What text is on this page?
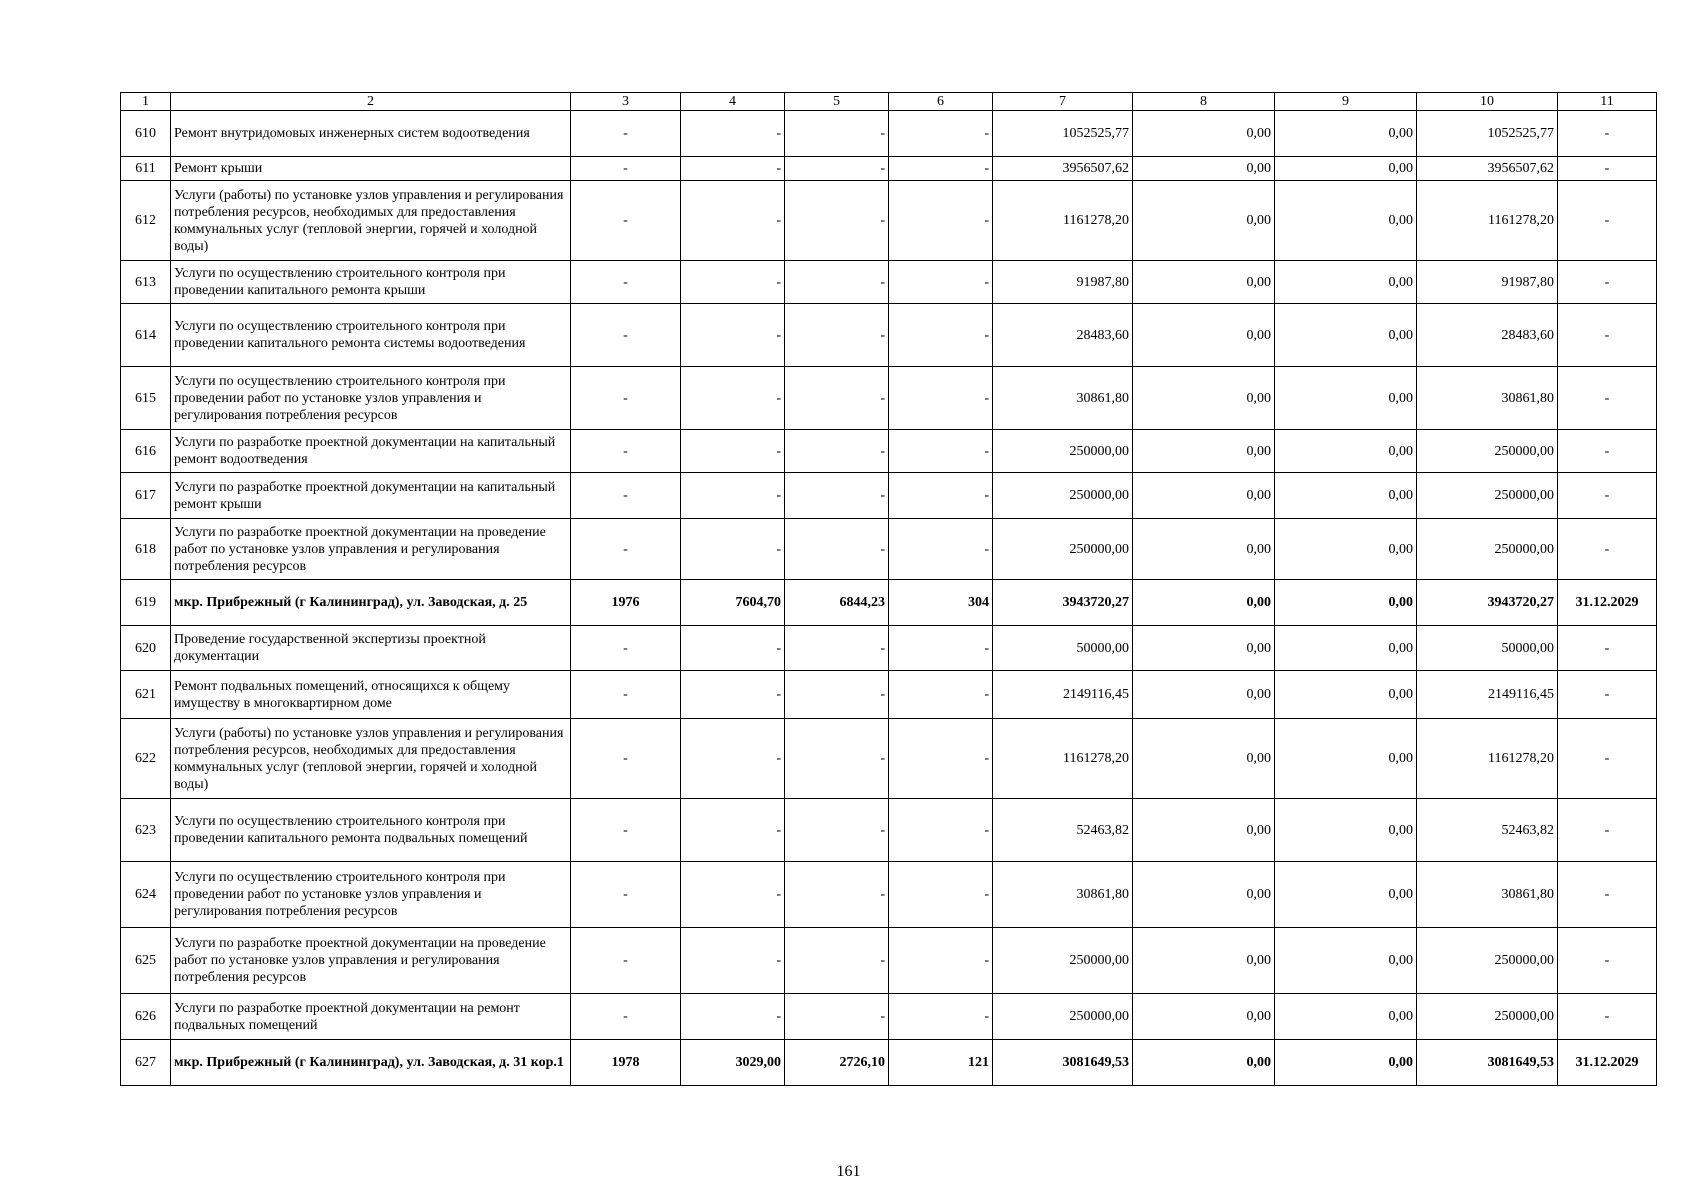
1	2	3	4	5	6	7	8	9	10	11
610	Ремонт внутридомовых инженерных систем водоотведения	-	-	-	-	1052525,77	0,00	0,00	1052525,77	-
611	Ремонт крыши	-	-	-	-	3956507,62	0,00	0,00	3956507,62	-
612	Услуги (работы) по установке узлов управления и регулирования потребления ресурсов, необходимых для предоставления коммунальных услуг (тепловой энергии, горячей и холодной воды)	-	-	-	-	1161278,20	0,00	0,00	1161278,20	-
613	Услуги по осуществлению строительного контроля при проведении капитального ремонта крыши	-	-	-	-	91987,80	0,00	0,00	91987,80	-
614	Услуги по осуществлению строительного контроля при проведении капитального ремонта системы водоотведения	-	-	-	-	28483,60	0,00	0,00	28483,60	-
615	Услуги по осуществлению строительного контроля при проведении работ по установке узлов управления и регулирования потребления ресурсов	-	-	-	-	30861,80	0,00	0,00	30861,80	-
616	Услуги по разработке проектной документации на капитальный ремонт водоотведения	-	-	-	-	250000,00	0,00	0,00	250000,00	-
617	Услуги по разработке проектной документации на капитальный ремонт крыши	-	-	-	-	250000,00	0,00	0,00	250000,00	-
618	Услуги по разработке проектной документации на проведение работ по установке узлов управления и регулирования потребления ресурсов	-	-	-	-	250000,00	0,00	0,00	250000,00	-
619	мкр. Прибрежный (г Калининград), ул. Заводская, д. 25	1976	7604,70	6844,23	304	3943720,27	0,00	0,00	3943720,27	31.12.2029
620	Проведение государственной экспертизы проектной документации	-	-	-	-	50000,00	0,00	0,00	50000,00	-
621	Ремонт подвальных помещений, относящихся к общему имуществу в многоквартирном доме	-	-	-	-	2149116,45	0,00	0,00	2149116,45	-
622	Услуги (работы) по установке узлов управления и регулирования потребления ресурсов, необходимых для предоставления коммунальных услуг (тепловой энергии, горячей и холодной воды)	-	-	-	-	1161278,20	0,00	0,00	1161278,20	-
623	Услуги по осуществлению строительного контроля при проведении капитального ремонта подвальных помещений	-	-	-	-	52463,82	0,00	0,00	52463,82	-
624	Услуги по осуществлению строительного контроля при проведении работ по установке узлов управления и регулирования потребления ресурсов	-	-	-	-	30861,80	0,00	0,00	30861,80	-
625	Услуги по разработке проектной документации на проведение работ по установке узлов управления и регулирования потребления ресурсов	-	-	-	-	250000,00	0,00	0,00	250000,00	-
626	Услуги по разработке проектной документации на ремонт подвальных помещений	-	-	-	-	250000,00	0,00	0,00	250000,00	-
627	мкр. Прибрежный (г Калининград), ул. Заводская, д. 31 кор.1	1978	3029,00	2726,10	121	3081649,53	0,00	0,00	3081649,53	31.12.2029
161
